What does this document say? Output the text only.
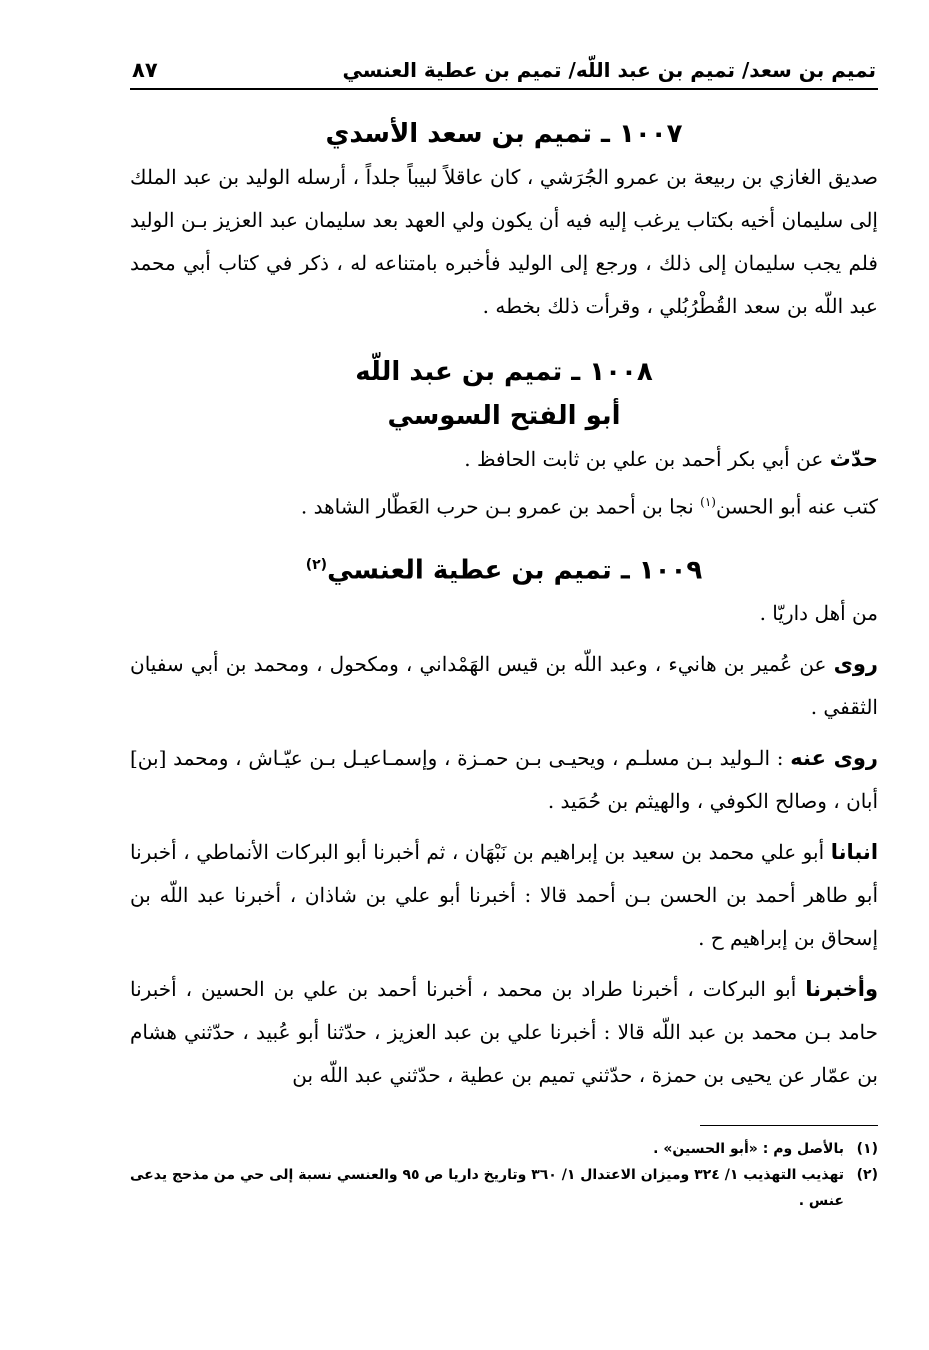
تميم بن سعد/ تميم بن عبد اللّه/ تميم بن عطية العنسي
٨٧
١٠٠٧ ـ تميم بن سعد الأسدي

صديق الغازي بن ربيعة بن عمرو الجُرَشي ، كان عاقلاً لبيباً جلداً ، أرسله الوليد بن عبد الملك إلى سليمان أخيه بكتاب يرغب إليه فيه أن يكون ولي العهد بعد سليمان عبد العزيز بـن الوليد فلم يجب سليمان إلى ذلك ، ورجع إلى الوليد فأخبره بامتناعه له ، ذكر في كتاب أبي محمد عبد اللّه بن سعد القُطْرُبُلي ، وقرأت ذلك بخطه .

١٠٠٨ ـ تميم بن عبد اللّه
أبو الفتح السوسي

حدّث عن أبي بكر أحمد بن علي بن ثابت الحافظ .

كتب عنه أبو الحسن$^{(١)}$ نجا بن أحمد بن عمرو بـن حرب العَطّار الشاهد .

١٠٠٩ ـ تميم بن عطية العنسي$^{(٢)}$

من أهل داريّا .

روى عن عُمير بن هانيء ، وعبد اللّه بن قيس الهَمْداني ، ومكحول ، ومحمد بن أبي سفيان الثقفي .

روى عنه : الـوليد بـن مسلـم ، ويحيـى بـن حمـزة ، وإسمـاعيـل بـن عيّـاش ، ومحمد [بن] أبان ، وصالح الكوفي ، والهيثم بن حُمَيد .

انبانا أبو علي محمد بن سعيد بن إبراهيم بن نَبْهَان ، ثم أخبرنا أبو البركات الأنماطي ، أخبرنا أبو طاهر أحمد بن الحسن بـن أحمد قالا : أخبرنا أبو علي بن شاذان ، أخبرنا عبد اللّه بن إسحاق بن إبراهيم ح .

وأخبرنا أبو البركات ، أخبرنا طراد بن محمد ، أخبرنا أحمد بن علي بن الحسين ، أخبرنا حامد بـن محمد بن عبد اللّه قالا : أخبرنا علي بن عبد العزيز ، حدّثنا أبو عُبيد ، حدّثني هشام بن عمّار عن يحيى بن حمزة ، حدّثني تميم بن عطية ، حدّثني عبد اللّه بن

(١)
بالأصل وم : «أبو الحسين» .
(٢)
تهذيب التهذيب ١/ ٣٢٤ وميزان الاعتدال ١/ ٣٦٠ وتاريخ داريا ص ٩٥ والعنسي نسبة إلى حي من مذحج يدعى عنس .
